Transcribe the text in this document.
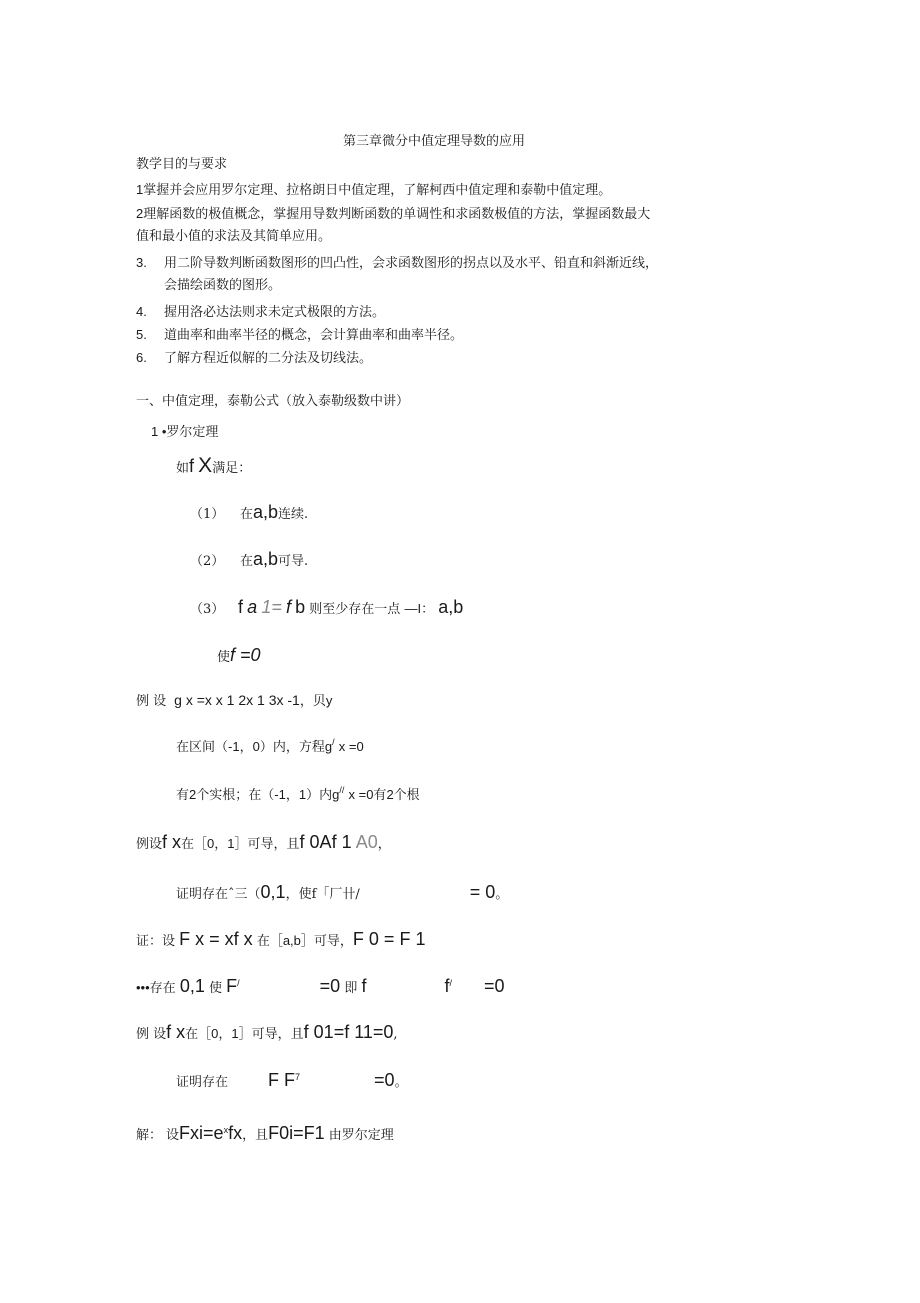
第三章微分中值定理导数的应用
教学目的与要求
1掌握并会应用罗尔定理、拉格朗日中值定理，了解柯西中值定理和泰勒中值定理。
2理解函数的极值概念，掌握用导数判断函数的单调性和求函数极值的方法，掌握函数最大
值和最小值的求法及其简单应用。
3. 用二阶导数判断函数图形的凹凸性，会求函数图形的拐点以及水平、铅直和斜渐近线，
会描绘函数的图形。
4. 握用洛必达法则求未定式极限的方法。
5. 道曲率和曲率半径的概念，会计算曲率和曲率半径。
6. 了解方程近似解的二分法及切线法。
一、中值定理，泰勒公式（放入泰勒级数中讲）
1 •罗尔定理
如f X满足：
（1） 在a,b连续.
（2） 在a,b可导.
（3） f a 1= f b 则至少存在一点 —I： a,b
使f =0
例 设 g x =x x 1 2x 1 3x -1，贝y
在区间（-1，0）内，方程g/ x =0
有2个实根；在（-1，1）内g// x =0有2个根
例设f x在［0，1］可导，且f 0Af 1 A0，
证明存在ˆ三（0,1，使f「厂卄/	= 0。
证：设 F x = xf x 在［a,b］可导，F 0 = F 1
•••存在 0,1 使 F/	=0 即 f	f/ =0
例 设f x在［0，1］可导，且f 01=f 11=0,
证明存在 F $F^7$	=0。
解： 设$Fxi=e^xfx$，且F0i=F1 由罗尔定理
